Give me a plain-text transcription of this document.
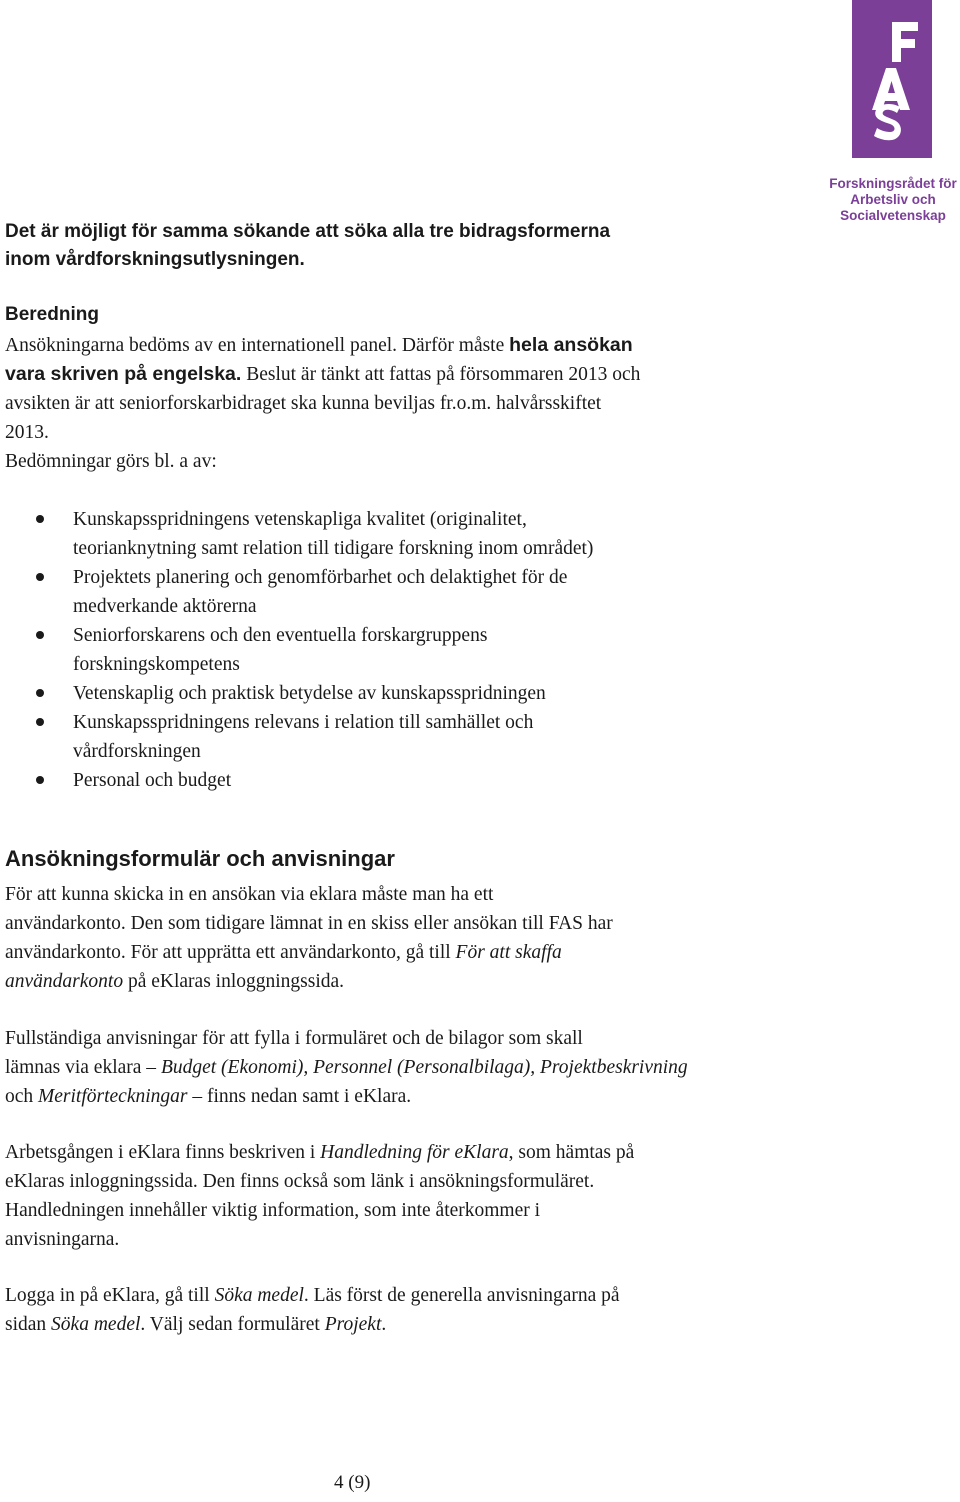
Forskningsrådet för
Arbetsliv och
Socialvetenskap
Det är möjligt för samma sökande att söka alla tre bidragsformerna
inom vårdforskningsutlysningen.
Beredning
Ansökningarna bedöms av en internationell panel. Därför måste hela ansökan
vara skriven på engelska. Beslut är tänkt att fattas på försommaren 2013 och
avsikten är att seniorforskarbidraget ska kunna beviljas fr.o.m. halvårsskiftet
2013.
Bedömningar görs bl. a av:
Kunskapsspridningens vetenskapliga kvalitet (originalitet,
teorianknytning samt relation till tidigare forskning inom området)
Projektets planering och genomförbarhet och delaktighet för de
medverkande aktörerna
Seniorforskarens och den eventuella forskargruppens
forskningskompetens
Vetenskaplig och praktisk betydelse av kunskapsspridningen
Kunskapsspridningens relevans i relation till samhället och
vårdforskningen
Personal och budget
Ansökningsformulär och anvisningar
För att kunna skicka in en ansökan via eklara måste man ha ett
användarkonto. Den som tidigare lämnat in en skiss eller ansökan till FAS har
användarkonto. För att upprätta ett användarkonto, gå till För att skaffa
användarkonto på eKlaras inloggningssida.
Fullständiga anvisningar för att fylla i formuläret och de bilagor som skall
lämnas via eklara – Budget (Ekonomi), Personnel (Personalbilaga), Projektbeskrivning
och Meritförteckningar – finns nedan samt i eKlara.
Arbetsgången i eKlara finns beskriven i Handledning för eKlara, som hämtas på
eKlaras inloggningssida. Den finns också som länk i ansökningsformuläret.
Handledningen innehåller viktig information, som inte återkommer i
anvisningarna.
Logga in på eKlara, gå till Söka medel. Läs först de generella anvisningarna på
sidan Söka medel. Välj sedan formuläret Projekt.
4 (9)
